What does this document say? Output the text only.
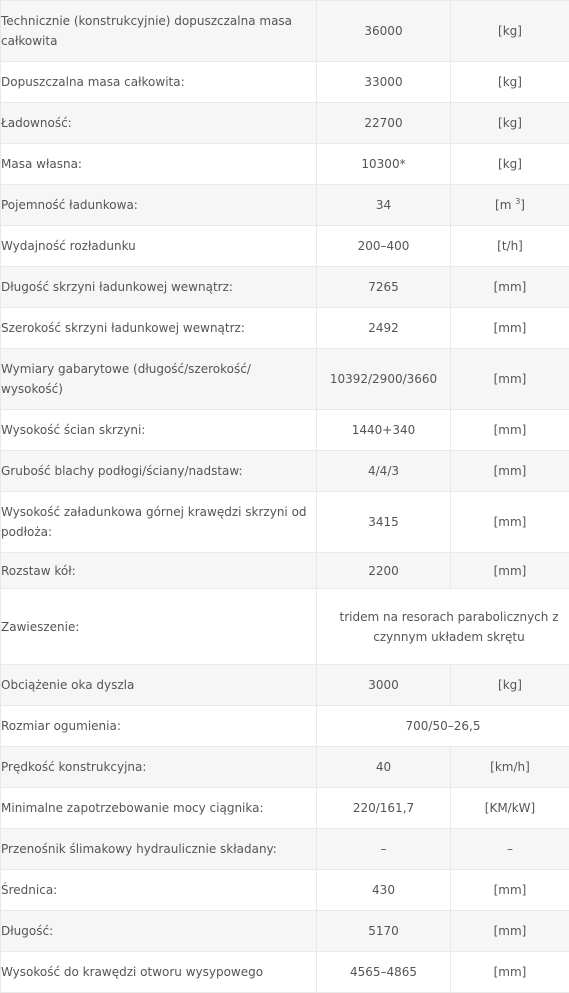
Technicznie (konstrukcyjnie) dopuszczalna masa całkowita	36000	[kg]
Dopuszczalna masa całkowita:	33000	[kg]
Ładowność:	22700	[kg]
Masa własna:	10300*	[kg]
Pojemność ładunkowa:	34	[m $^3$]
Wydajność rozładunku	200–400	[t/h]
Długość skrzyni ładunkowej wewnątrz:	7265	[mm]
Szerokość skrzyni ładunkowej wewnątrz:	2492	[mm]
Wymiary gabarytowe (długość/szerokość/ wysokość)	10392/2900/3660	[mm]
Wysokość ścian skrzyni:	1440+340	[mm]
Grubość blachy podłogi/ściany/nadstaw:	4/4/3	[mm]
Wysokość załadunkowa górnej krawędzi skrzyni od podłoża:	3415	[mm]
Rozstaw kół:	2200	[mm]
Zawieszenie:	tridem na resorach parabolicznych z czynnym układem skrętu	
Obciążenie oka dyszla	3000	[kg]
Rozmiar ogumienia:	700/50–26,5	
Prędkość konstrukcyjna:	40	[km/h]
Minimalne zapotrzebowanie mocy ciągnika:	220/161,7	[KM/kW]
Przenośnik ślimakowy hydraulicznie składany:	–	–
Średnica:	430	[mm]
Długość:	5170	[mm]
Wysokość do krawędzi otworu wysypowego	4565–4865	[mm]
